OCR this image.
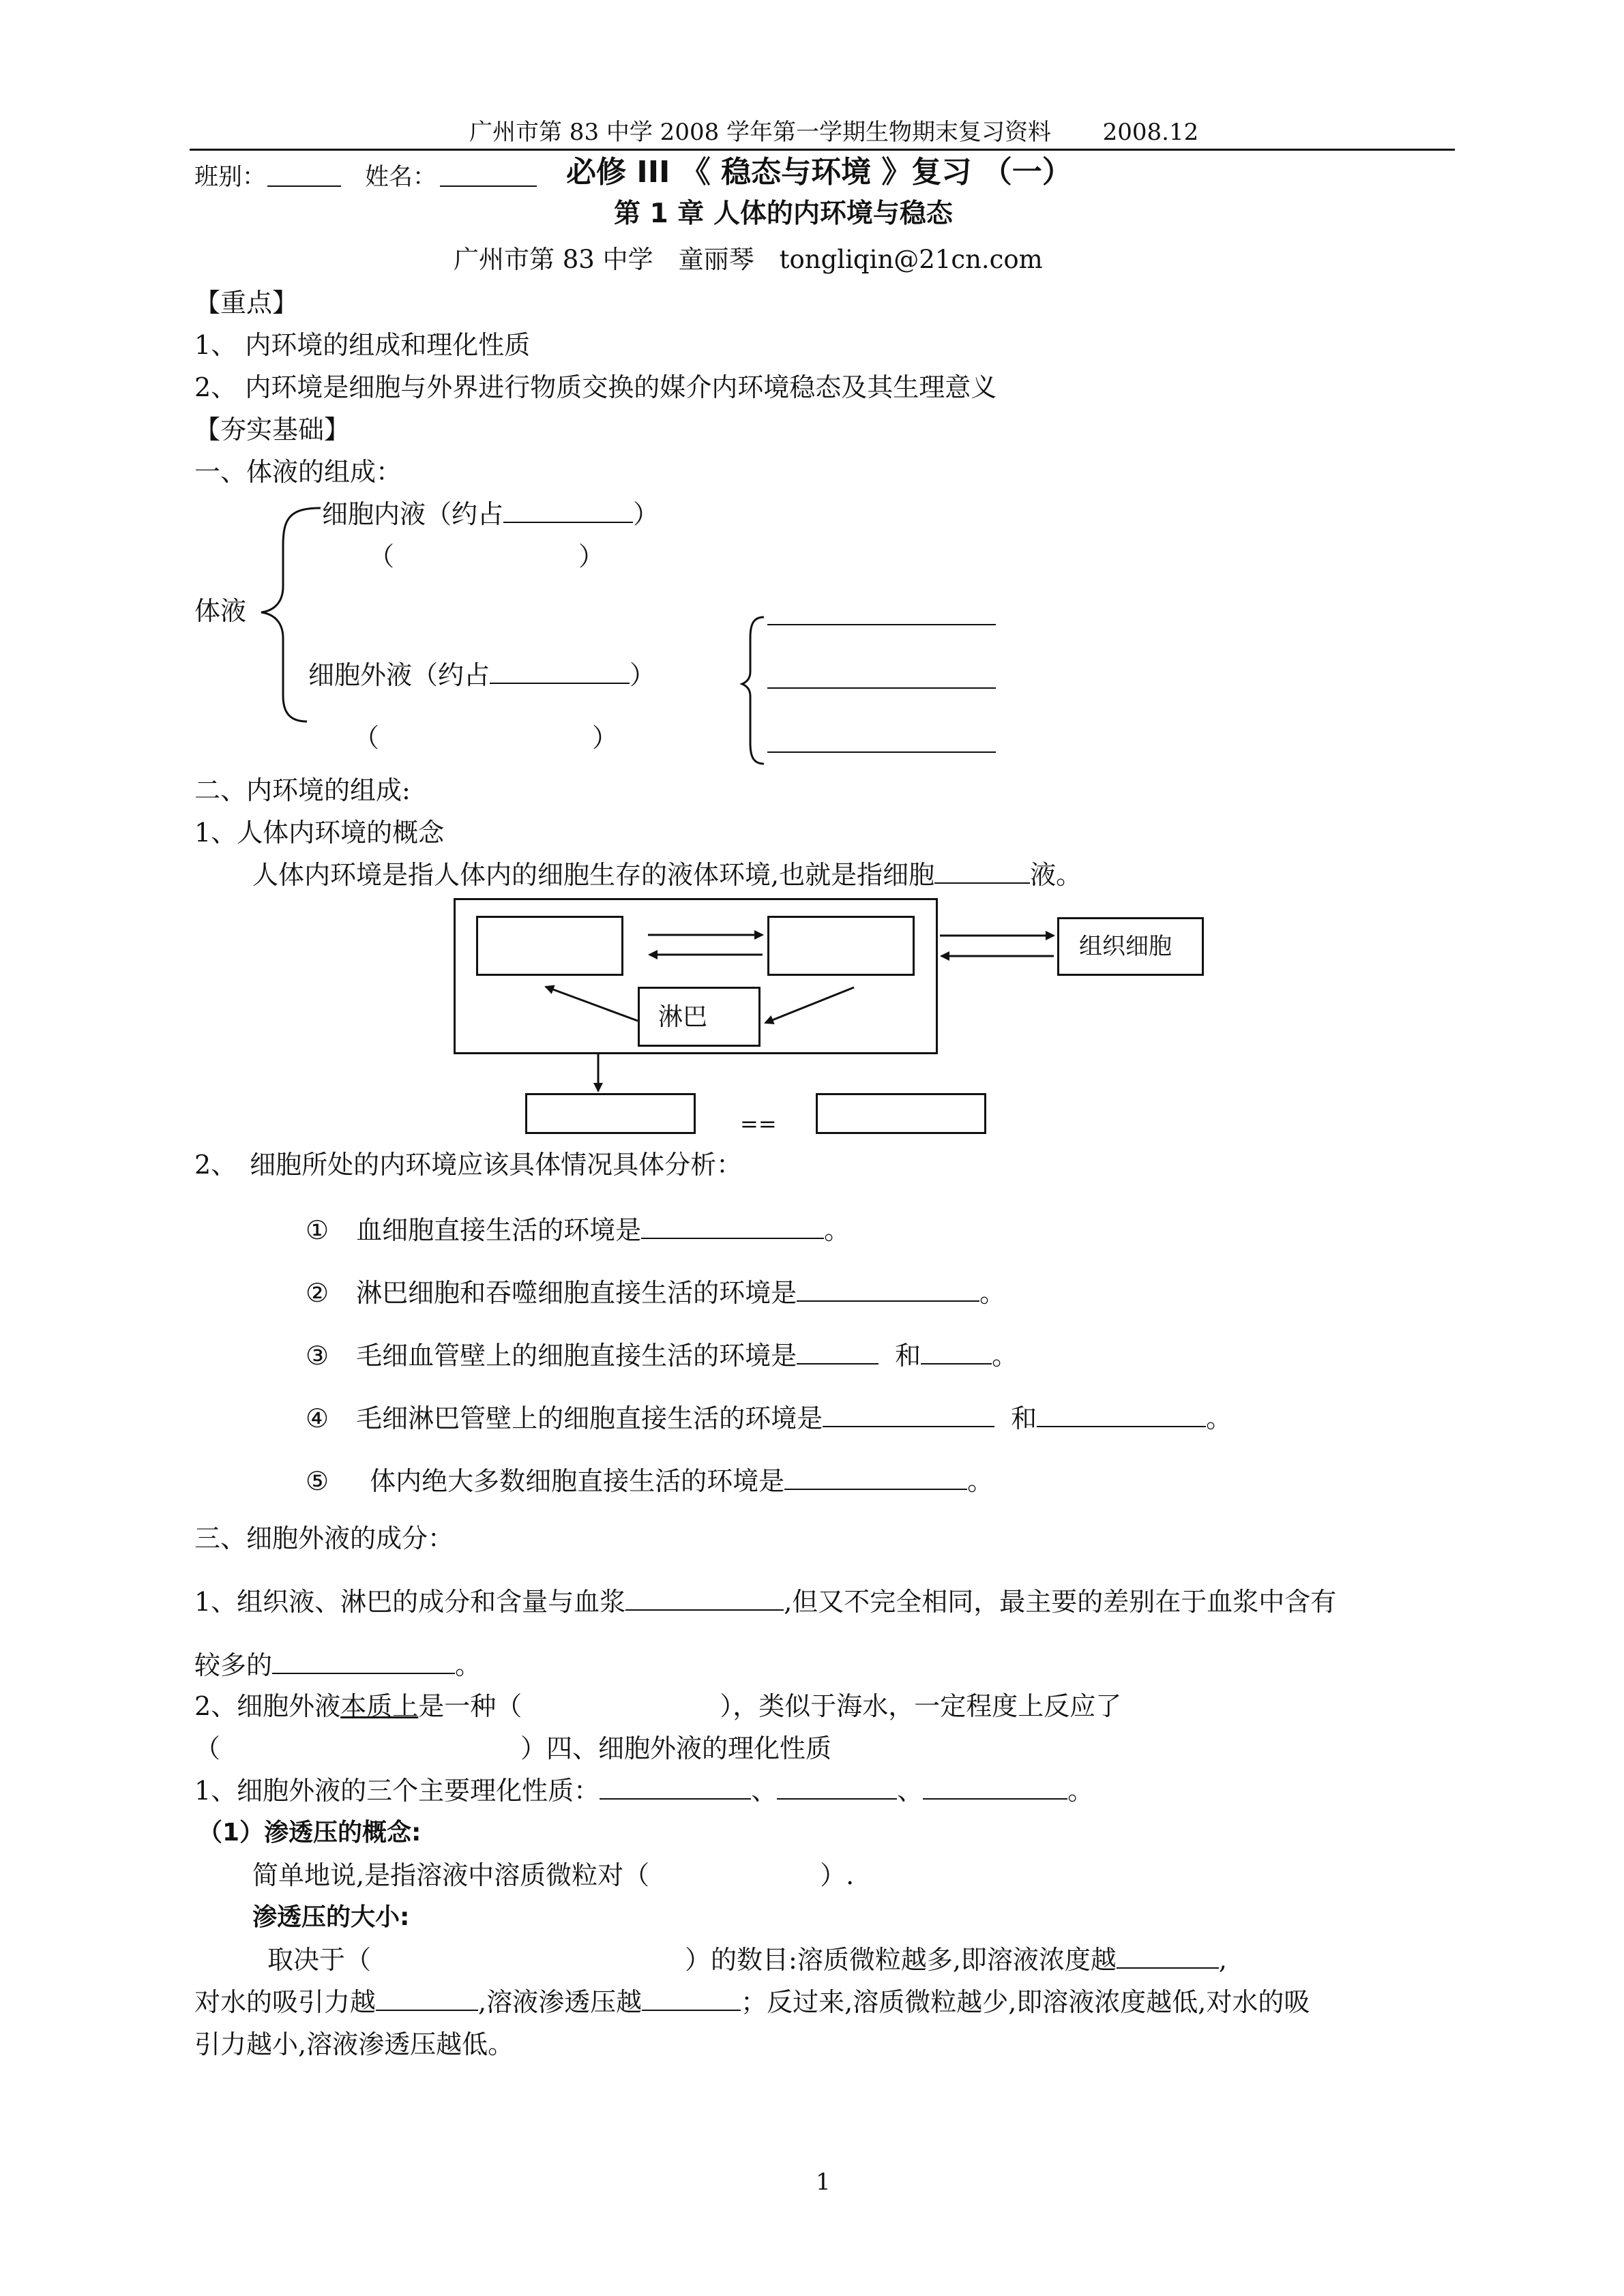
广州市第 83 中学 2008 学年第一学期生物期末复习资料 2008.12
班别：	姓名：	必修 III 《 稳态与环境 》复习 （一）
第 1 章 人体的内环境与稳态
广州市第 83 中学　童丽琴　tongliqin@21cn.com
【重点】
1、 内环境的组成和理化性质
2、 内环境是细胞与外界进行物质交换的媒介内环境稳态及其生理意义
【夯实基础】
一、体液的组成：
细胞内液（约占	）
（	）
体液
细胞外液（约占	）
（	）
二、内环境的组成:
1、人体内环境的概念
人体内环境是指人体内的细胞生存的液体环境,也就是指细胞	液。
淋巴
组织细胞
==
2、　细胞所处的内环境应该具体情况具体分析：
① 血细胞直接生活的环境是	。
② 淋巴细胞和吞噬细胞直接生活的环境是	。
③ 毛细血管壁上的细胞直接生活的环境是	和	。
④ 毛细淋巴管壁上的细胞直接生活的环境是	和	。
⑤ 体内绝大多数细胞直接生活的环境是	。
三、细胞外液的成分：
1、组织液、淋巴的成分和含量与血浆	,但又不完全相同，最主要的差别在于血浆中含有
较多的	。
2、细胞外液本质上是一种（	），类似于海水，一定程度上反应了
（	）四、细胞外液的理化性质
1、细胞外液的三个主要理化性质：	、	、	。
（1）渗透压的概念:
简单地说,是指溶液中溶质微粒对（	）.
渗透压的大小:
取决于（	）的数目:溶质微粒越多,即溶液浓度越	,
对水的吸引力越	,溶液渗透压越	；反过来,溶质微粒越少,即溶液浓度越低,对水的吸
引力越小,溶液渗透压越低。
1
